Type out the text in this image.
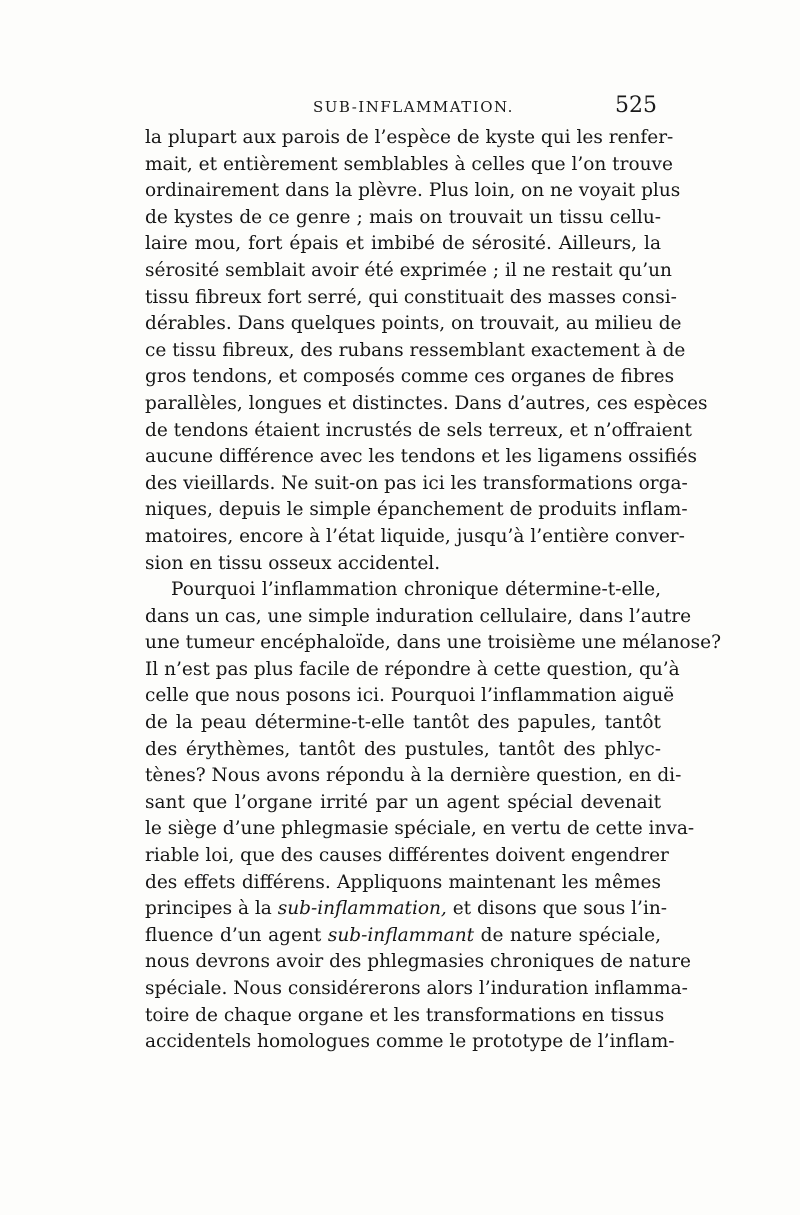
SUB-INFLAMMATION.	525
la plupart aux parois de l’espèce de kyste qui les renfer-
mait, et entièrement semblables à celles que l’on trouve
ordinairement dans la plèvre. Plus loin, on ne voyait plus
de kystes de ce genre ; mais on trouvait un tissu cellu-
laire mou, fort épais et imbibé de sérosité. Ailleurs, la
sérosité semblait avoir été exprimée ; il ne restait qu’un
tissu fibreux fort serré, qui constituait des masses consi-
dérables. Dans quelques points, on trouvait, au milieu de
ce tissu fibreux, des rubans ressemblant exactement à de
gros tendons, et composés comme ces organes de fibres
parallèles, longues et distinctes. Dans d’autres, ces espèces
de tendons étaient incrustés de sels terreux, et n’offraient
aucune différence avec les tendons et les ligamens ossifiés
des vieillards. Ne suit-on pas ici les transformations orga-
niques, depuis le simple épanchement de produits inflam-
matoires, encore à l’état liquide, jusqu’à l’entière conver-
sion en tissu osseux accidentel.
Pourquoi l’inflammation chronique détermine-t-elle,
dans un cas, une simple induration cellulaire, dans l’autre
une tumeur encéphaloïde, dans une troisième une mélanose?
Il n’est pas plus facile de répondre à cette question, qu’à
celle que nous posons ici. Pourquoi l’inflammation aiguë
de la peau détermine-t-elle tantôt des papules, tantôt
des érythèmes, tantôt des pustules, tantôt des phlyc-
tènes? Nous avons répondu à la dernière question, en di-
sant que l’organe irrité par un agent spécial devenait
le siège d’une phlegmasie spéciale, en vertu de cette inva-
riable loi, que des causes différentes doivent engendrer
des effets différens. Appliquons maintenant les mêmes
principes à la sub-inflammation, et disons que sous l’in-
fluence d’un agent sub-inflammant de nature spéciale,
nous devrons avoir des phlegmasies chroniques de nature
spéciale. Nous considérerons alors l’induration inflamma-
toire de chaque organe et les transformations en tissus
accidentels homologues comme le prototype de l’inflam-
